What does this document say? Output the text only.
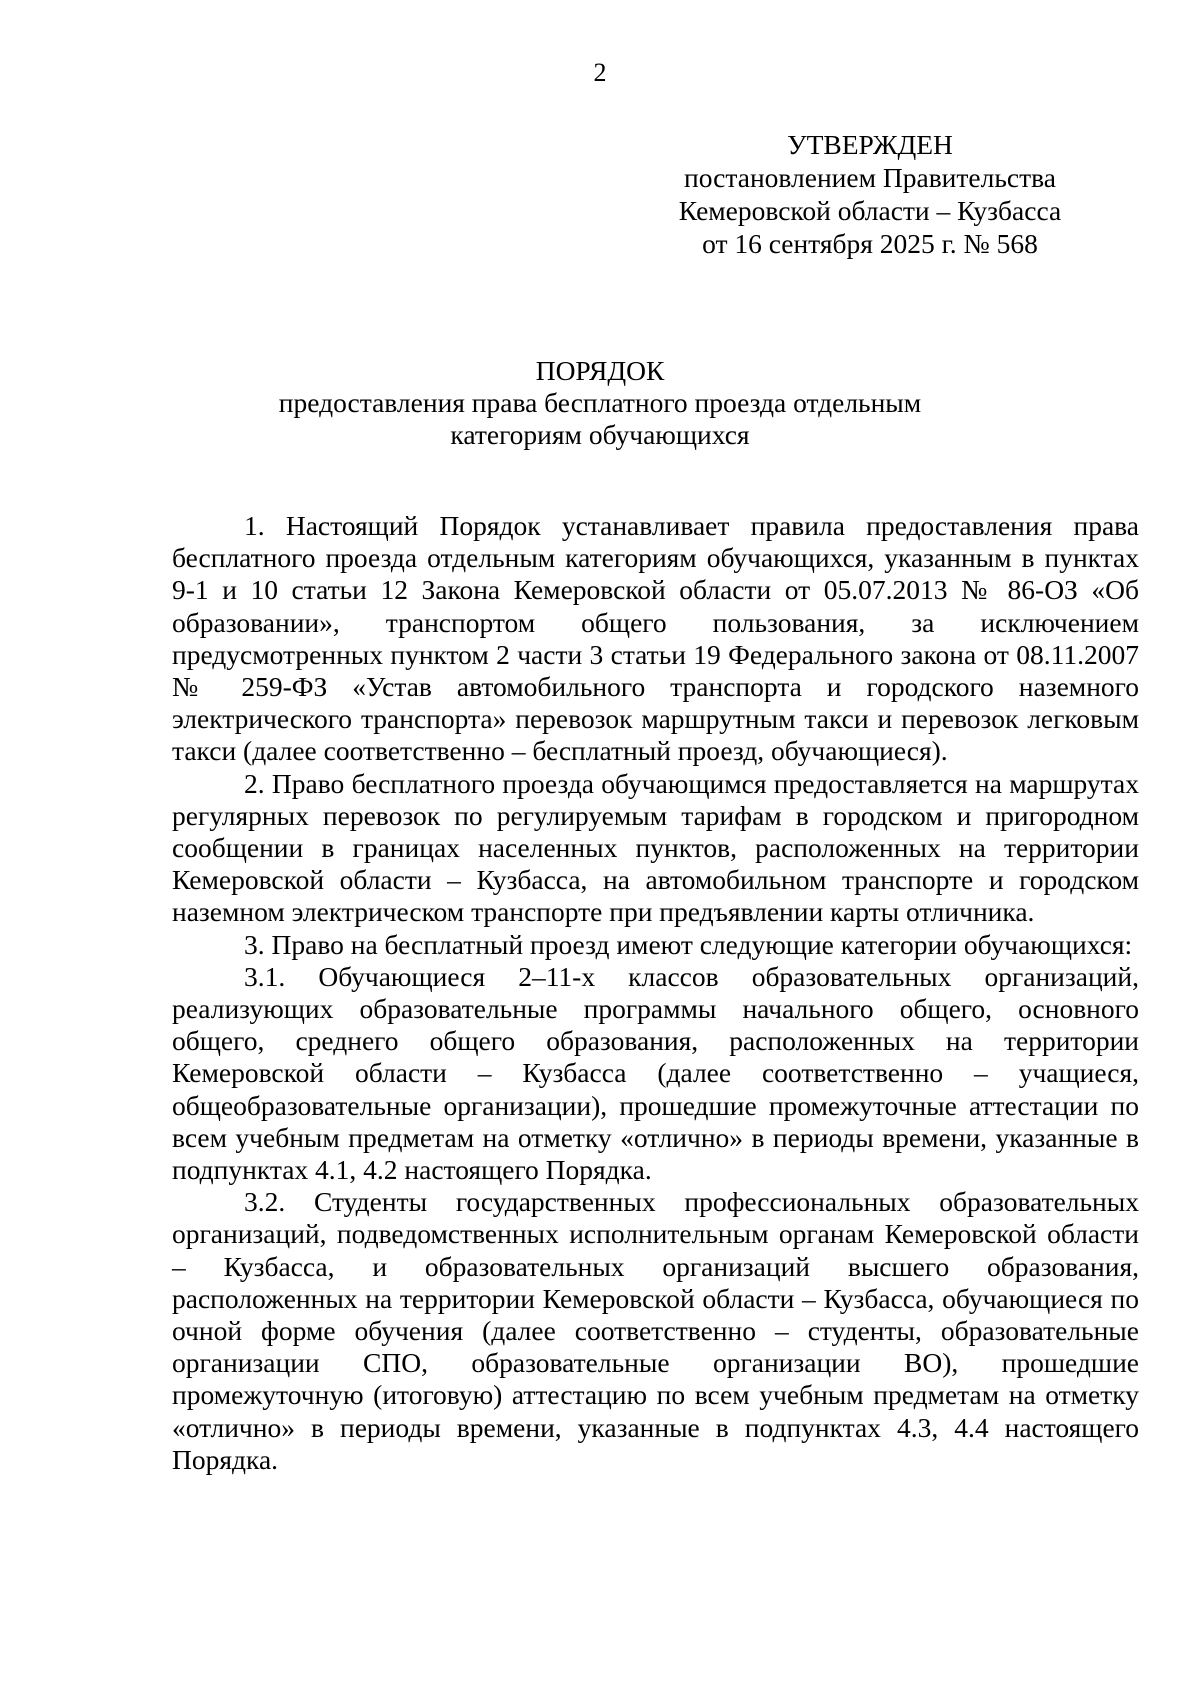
2
УТВЕРЖДЕН
постановлением Правительства
Кемеровской области – Кузбасса
от 16 сентября 2025 г. № 568
ПОРЯДОК
предоставления права бесплатного проезда отдельным
категориям обучающихся

1. Настоящий Порядок устанавливает правила предоставления права бесплатного проезда отдельным категориям обучающихся, указанным в пунктах 9-1 и 10 статьи 12 Закона Кемеровской области от 05.07.2013 № 86-ОЗ «Об образовании», транспортом общего пользования, за исключением предусмотренных пунктом 2 части 3 статьи 19 Федерального закона от 08.11.2007 № 259-ФЗ «Устав автомобильного транспорта и городского наземного электрического транспорта» перевозок маршрутным такси и перевозок легковым такси (далее соответственно – бесплатный проезд, обучающиеся).

2. Право бесплатного проезда обучающимся предоставляется на маршрутах регулярных перевозок по регулируемым тарифам в городском и пригородном сообщении в границах населенных пунктов, расположенных на территории Кемеровской области – Кузбасса, на автомобильном транспорте и городском наземном электрическом транспорте при предъявлении карты отличника.

3. Право на бесплатный проезд имеют следующие категории обучающихся:

3.1. Обучающиеся 2–11-х классов образовательных организаций, реализующих образовательные программы начального общего, основного общего, среднего общего образования, расположенных на территории Кемеровской области – Кузбасса (далее соответственно – учащиеся, общеобразовательные организации), прошедшие промежуточные аттестации по всем учебным предметам на отметку «отлично» в периоды времени, указанные в подпунктах 4.1, 4.2 настоящего Порядка.

3.2. Студенты государственных профессиональных образовательных организаций, подведомственных исполнительным органам Кемеровской области – Кузбасса, и образовательных организаций высшего образования, расположенных на территории Кемеровской области – Кузбасса, обучающиеся по очной форме обучения (далее соответственно – студенты, образовательные организации СПО, образовательные организации ВО), прошедшие промежуточную (итоговую) аттестацию по всем учебным предметам на отметку «отлично» в периоды времени, указанные в подпунктах 4.3, 4.4 настоящего Порядка.
